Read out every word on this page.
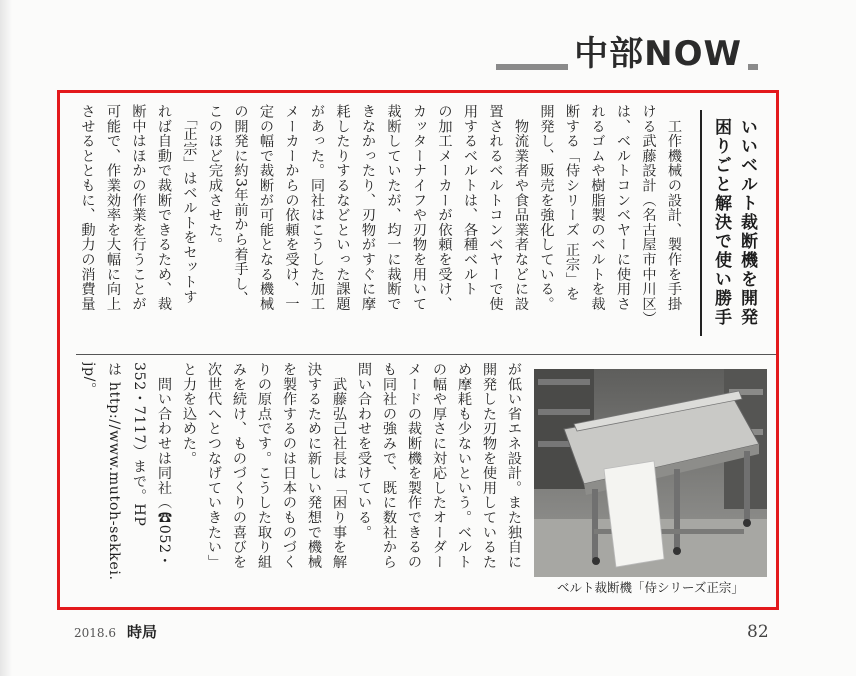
中部NOW
困りごと解決で使い勝手 いいベルト裁断機を開発
　工作機械の設計、製作を手掛
ける武藤設計（名古屋市中川区）
は、ベルトコンベヤーに使用さ
れるゴムや樹脂製のベルトを裁
断する「侍シリーズ 正宗」を
開発し、販売を強化している。
　物流業者や食品業者などに設
置されるベルトコンベヤーで使
用するベルトは、各種ベルト
の加工メーカーが依頼を受け、
カッターナイフや刃物を用いて
裁断していたが、均一に裁断で
きなかったり、刃物がすぐに摩
耗したりするなどといった課題
があった。同社はこうした加工
メーカーからの依頼を受け、一
定の幅で裁断が可能となる機械
の開発に約3年前から着手し、
このほど完成させた。
　「正宗」はベルトをセットす
れば自動で裁断できるため、裁
断中はほかの作業を行うことが
可能で、作業効率を大幅に向上
させるとともに、動力の消費量
が低い省エネ設計。また独自に
開発した刃物を使用しているた
め摩耗も少ないという。ベルト
の幅や厚さに対応したオーダー
メードの裁断機を製作できるの
も同社の強みで、既に数社から
問い合わせを受けている。
　武藤弘己社長は「困り事を解
決するために新しい発想で機械
を製作するのは日本のものづく
りの原点です。こうした取り組
みを続け、ものづくりの喜びを
次世代へとつなげていきたい」
と力を込めた。
　問い合わせは同社（☎052・
352・7117）まで。HP
は http://www.mutoh-sekkei.
jp/。
ベルト裁断機「侍シリーズ正宗」
2018.6 時局	82
